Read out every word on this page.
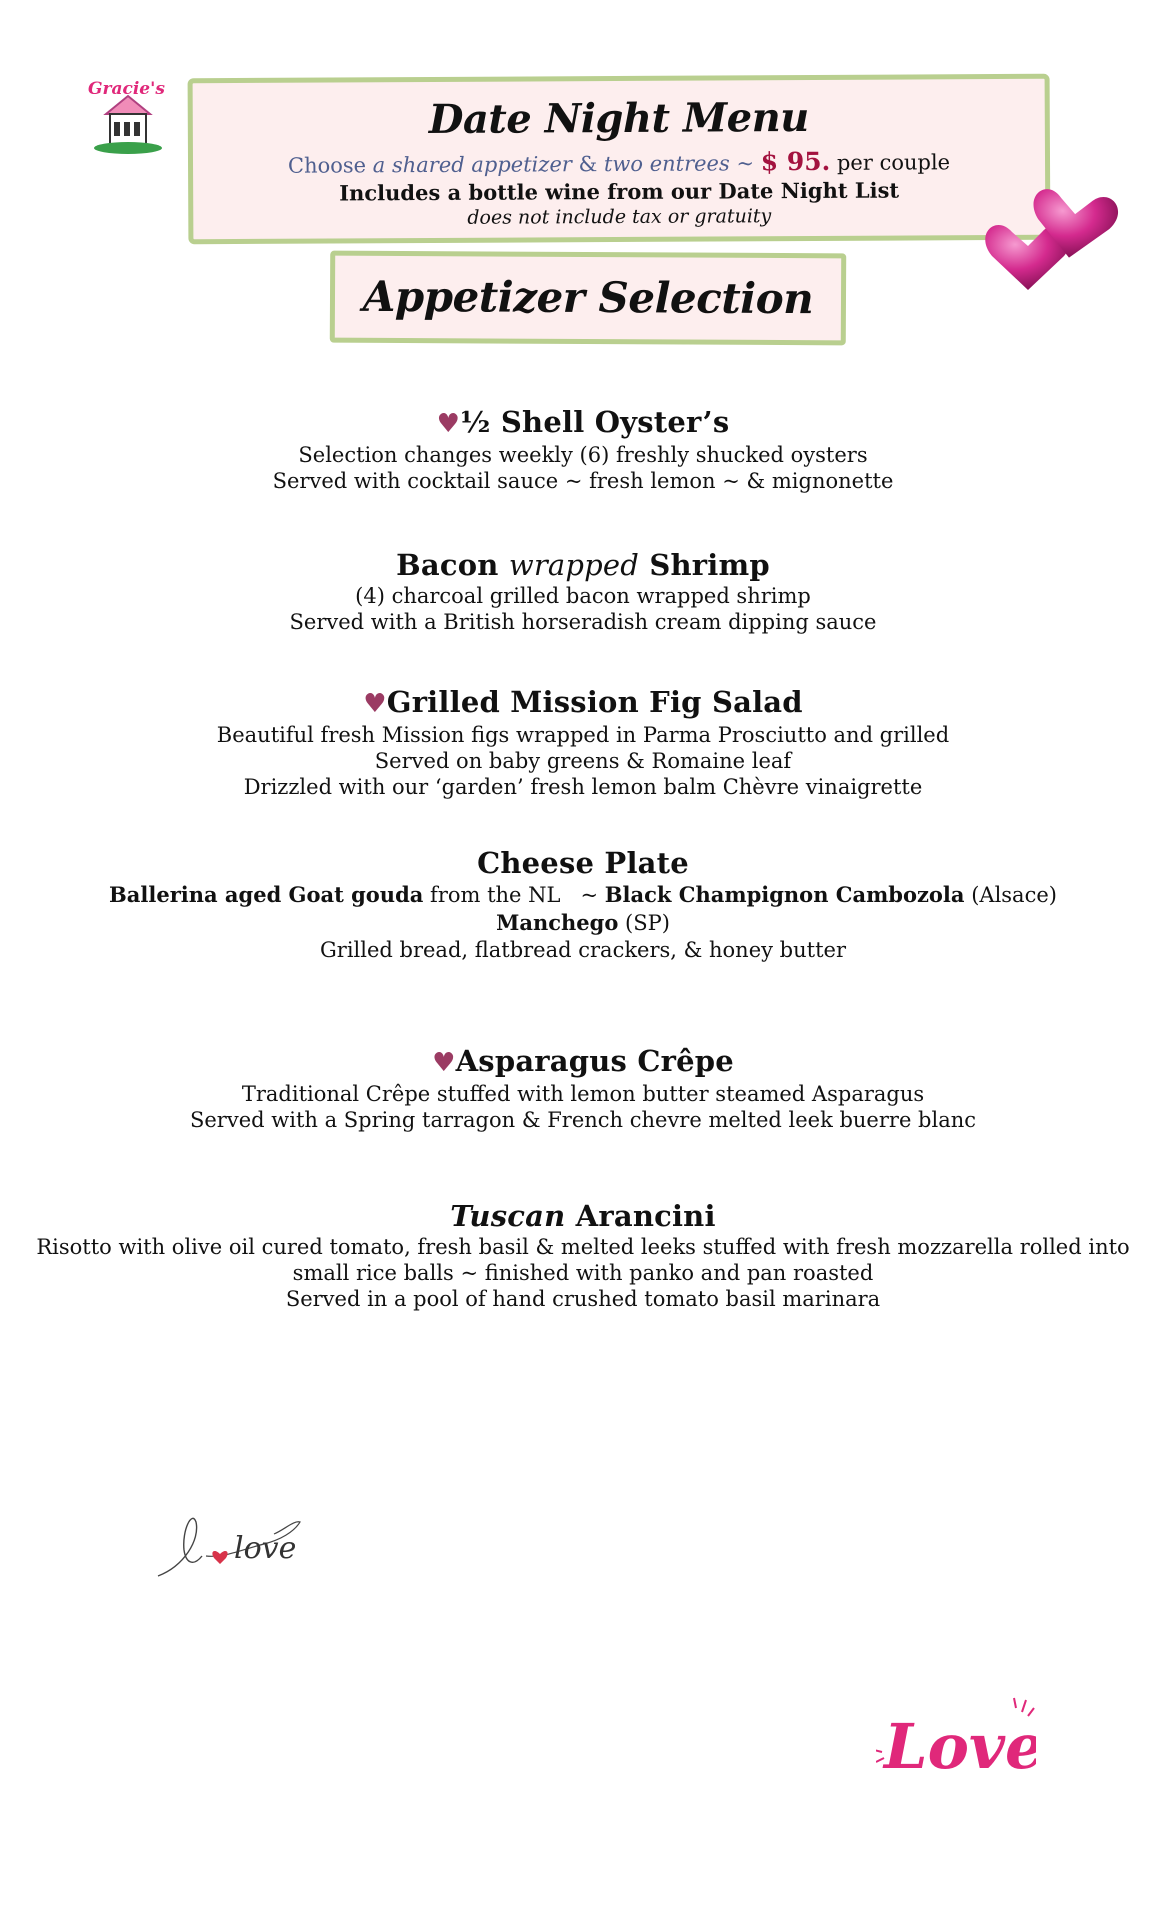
Gracie's
Date Night Menu
Choose a shared appetizer & two entrees ~ $ 95. per couple
Includes a bottle wine from our Date Night List
does not include tax or gratuity
Appetizer Selection
♥½ Shell Oyster’s
Selection changes weekly (6) freshly shucked oysters
Served with cocktail sauce ~ fresh lemon ~ & mignonette
Bacon wrapped Shrimp
(4) charcoal grilled bacon wrapped shrimp
Served with a British horseradish cream dipping sauce
♥Grilled Mission Fig Salad
Beautiful fresh Mission figs wrapped in Parma Prosciutto and grilled
Served on baby greens & Romaine leaf
Drizzled with our ‘garden’ fresh lemon balm Chèvre vinaigrette
Cheese Plate
Ballerina aged Goat gouda from the NL   ~ Black Champignon Cambozola (Alsace)
Manchego (SP)
Grilled bread, flatbread crackers, & honey butter
♥Asparagus Crêpe
Traditional Crêpe stuffed with lemon butter steamed Asparagus
Served with a Spring tarragon & French chevre melted leek buerre blanc
Tuscan Arancini
Risotto with olive oil cured tomato, fresh basil & melted leeks stuffed with fresh mozzarella rolled into
small rice balls ~ finished with panko and pan roasted
Served in a pool of hand crushed tomato basil marinara
love
Love
